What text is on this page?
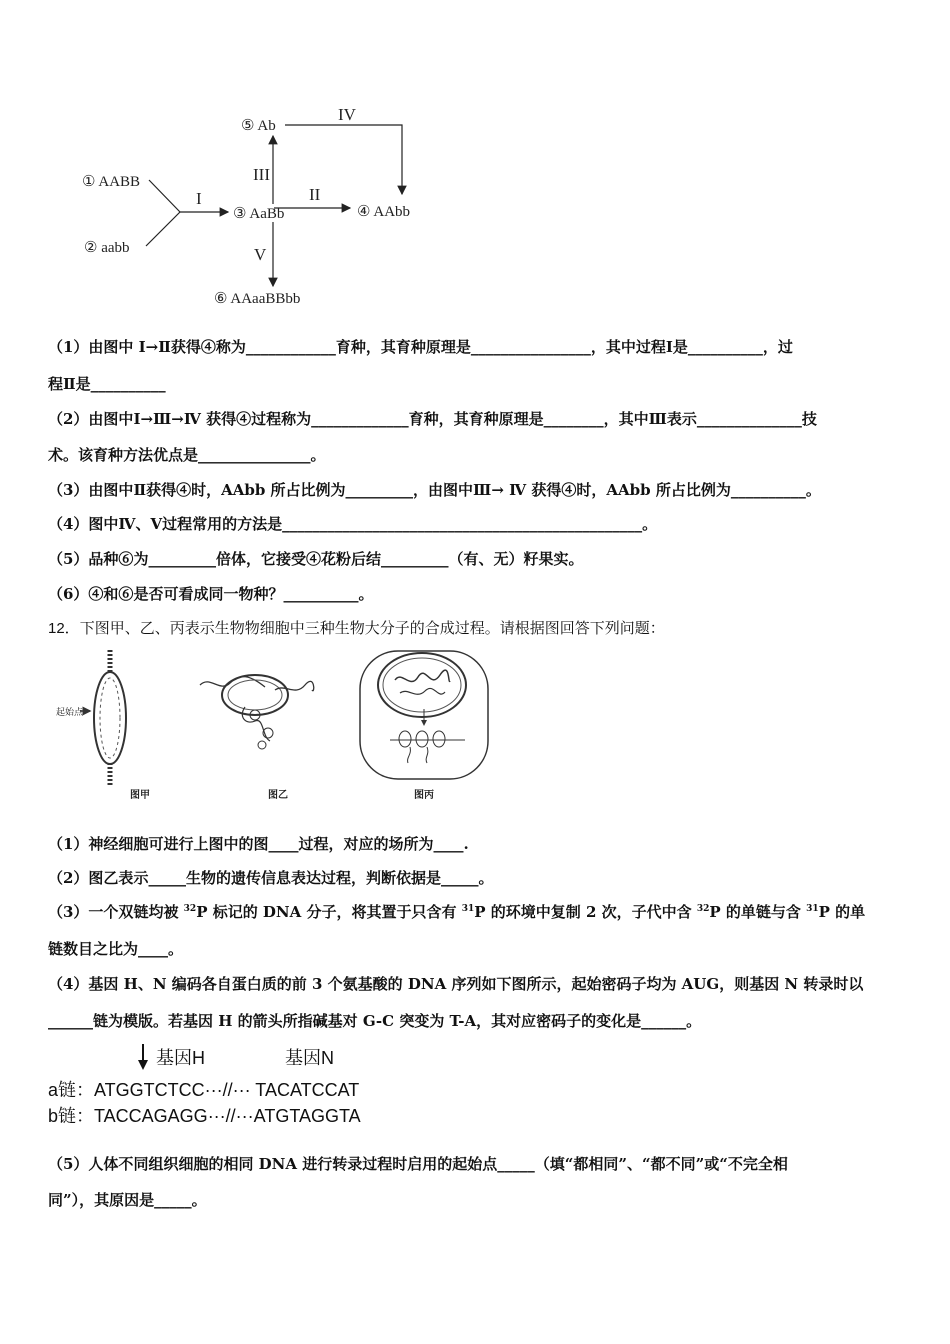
⑤ Ab
① AABB
② aabb
③ AaBb	④ AAbb
⑥ AAaaBBbb
I	II
III
IV
V
（1）由图中 Ⅰ→Ⅱ获得④称为____________育种，其育种原理是________________，其中过程Ⅰ是__________，过
程Ⅱ是__________
（2）由图中Ⅰ→Ⅲ→Ⅳ 获得④过程称为_____________育种，其育种原理是________，其中Ⅲ表示______________技
术。该育种方法优点是_______________。
（3）由图中Ⅱ获得④时，AAbb 所占比例为_________，由图中Ⅲ→ Ⅳ 获得④时，AAbb 所占比例为__________。
（4）图中Ⅳ、Ⅴ过程常用的方法是________________________________________________。
（5）品种⑥为_________倍体，它接受④花粉后结_________（有、无）籽果实。
（6）④和⑥是否可看成同一物种？__________。
12．下图甲、乙、丙表示生物物细胞中三种生物大分子的合成过程。请根据图回答下列问题：
起始点
图甲	图乙	图丙
（1）神经细胞可进行上图中的图____过程，对应的场所为____.
（2）图乙表示_____生物的遗传信息表达过程，判断依据是_____。
（3）一个双链均被 $^{32}$P 标记的 DNA 分子，将其置于只含有 $^{31}$P 的环境中复制 2 次，子代中含 $^{32}$P 的单链与含 $^{31}$P 的单
链数目之比为____。
（4）基因 H、N 编码各自蛋白质的前 3 个氨基酸的 DNA 序列如下图所示，起始密码子均为 AUG，则基因 N 转录时以
______链为模版。若基因 H 的箭头所指碱基对 G-C 突变为 T-A，其对应密码子的变化是______。
基因H	基因N
a链：ATGGTCTCC···//··· TACATCCAT
b链：TACCAGAGG···//···ATGTAGGTA
（5）人体不同组织细胞的相同 DNA 进行转录过程时启用的起始点_____（填“都相同”、“都不同”或“不完全相
同”），其原因是_____。
